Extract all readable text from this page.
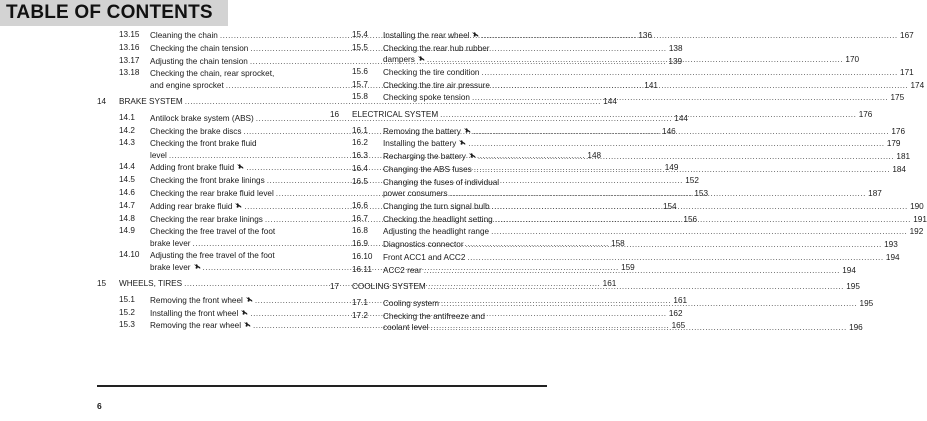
TABLE OF CONTENTS
13.15	Cleaning the chain .....	136
13.16	Checking the chain tension .....	138
13.17	Adjusting the chain tension .....	139
13.18	Checking the chain, rear sprocket,
and engine sprocket .....	141
14 BRAKE SYSTEM .....	144
14.1	Antilock brake system (ABS) .....	144
14.2	Checking the brake discs .....	146
14.3	Checking the front brake fluid
level .....	148
14.4	Adding front brake fluid .....	149
14.5	Checking the front brake linings .....	152
14.6	Checking the rear brake fluid level .....	153
14.7	Adding rear brake fluid .....	154
14.8	Checking the rear brake linings .....	156
14.9	Checking the free travel of the foot
brake lever .....	158
14.10	Adjusting the free travel of the foot
brake lever .....	159
15 WHEELS, TIRES .....	161
15.1	Removing the front wheel .....	161
15.2	Installing the front wheel .....	162
15.3	Removing the rear wheel .....	165
15.4	Installing the rear wheel .....	167
15.5	Checking the rear hub rubber
dampers .....	170
15.6	Checking the tire condition .....	171
15.7	Checking the tire air pressure .....	174
15.8	Checking spoke tension .....	175
16 ELECTRICAL SYSTEM .....	176
16.1	Removing the battery .....	176
16.2	Installing the battery .....	179
16.3	Recharging the battery .....	181
16.4	Changing the ABS fuses .....	184
16.5	Changing the fuses of individual
power consumers .....	187
16.6	Changing the turn signal bulb .....	190
16.7	Checking the headlight setting .....	191
16.8	Adjusting the headlight range .....	192
16.9	Diagnostics connector .....	193
16.10	Front ACC1 and ACC2 .....	194
16.11	ACC2 rear .....	194
17 COOLING SYSTEM .....	195
17.1	Cooling system .....	195
17.2	Checking the antifreeze and
coolant level .....	196
6
